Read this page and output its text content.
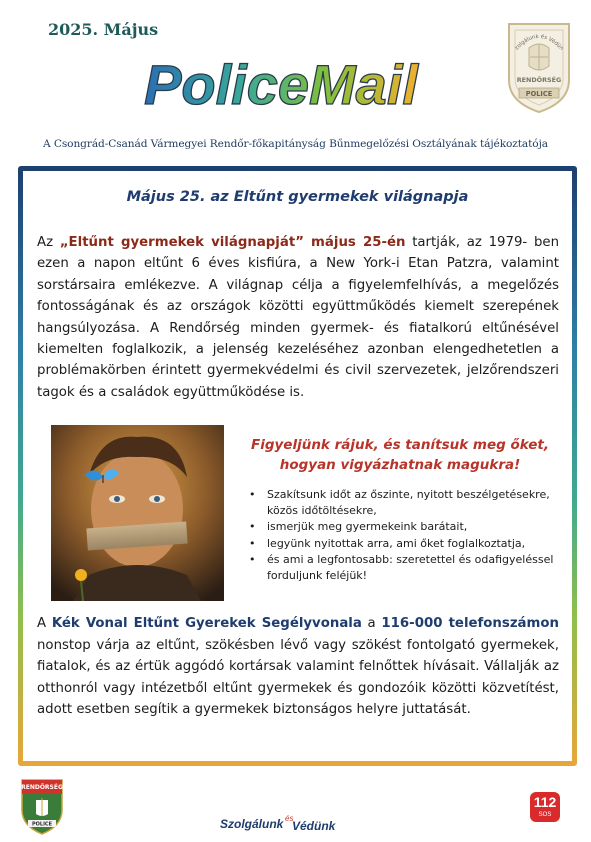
2025. Május
PoliceMail
zolgálunk és Védün
RENDŐRSÉG
POLICE
A Csongrád-Csanád Vármegyei Rendőr-főkapitányság Bűnmegelőzési Osztályának tájékoztatója
Május 25. az Eltűnt gyermekek világnapja

Az „Eltűnt gyermekek világnapját” május 25-én tartják, az 1979- ben ezen a napon eltűnt 6 éves kisfiúra, a New York-i Etan Patzra, valamint sorstársaira emlékezve. A világnap célja a figyelemfelhívás, a megelőzés fontosságának és az országok közötti együttműködés kiemelt szerepének hangsúlyozása. A Rendőrség minden gyermek- és fiatalkorú eltűnésével kiemelten foglalkozik, a jelenség kezeléséhez azonban elengedhetetlen a problémakörben érintett gyermekvédelmi és civil szervezetek, jelzőrendszeri tagok és a családok együttműködése is.

Figyeljünk rájuk, és tanítsuk meg őket,
hogyan vigyázhatnak magukra!
• Szakítsunk időt az őszinte, nyitott beszélgetésekre, közös időtöltésekre,
• ismerjük meg gyermekeink barátait,
• legyünk nyitottak arra, ami őket foglalkoztatja,
• és ami a legfontosabb: szeretettel és odafigyeléssel forduljunk feléjük!

A Kék Vonal Eltűnt Gyerekek Segélyvonala a 116-000 telefonszámon nonstop várja az eltűnt, szökésben lévő vagy szökést fontolgató gyermekek, fiatalok, és az értük aggódó kortársak valamint felnőttek hívásait. Vállalják az otthonról vagy intézetből eltűnt gyermekek és gondozóik közötti közvetítést, adott esetben segítik a gyermekek biztonságos helyre juttatását.

RENDŐRSÉG
POLICE	Szolgálunk és
Védünk
112
SOS
